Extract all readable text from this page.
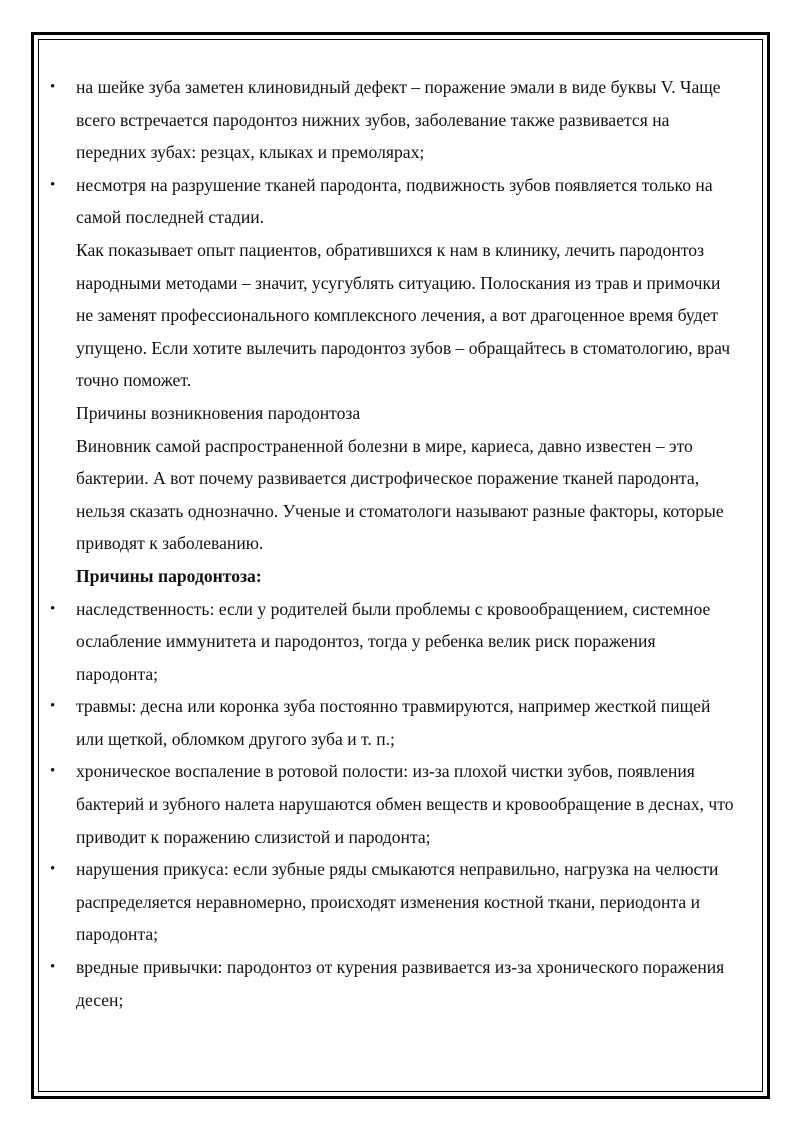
•	на шейке зуба заметен клиновидный дефект – поражение эмали в виде буквы V. Чаще всего встречается пародонтоз нижних зубов, заболевание также развивается на передних зубах: резцах, клыках и премолярах;
•	несмотря на разрушение тканей пародонта, подвижность зубов появляется только на самой последней стадии.
Как показывает опыт пациентов, обратившихся к нам в клинику, лечить пародонтоз народными методами – значит, усугублять ситуацию. Полоскания из трав и примочки не заменят профессионального комплексного лечения, а вот драгоценное время будет упущено. Если хотите вылечить пародонтоз зубов – обращайтесь в стоматологию, врач точно поможет.
Причины возникновения пародонтоза
Виновник самой распространенной болезни в мире, кариеса, давно известен – это бактерии. А вот почему развивается дистрофическое поражение тканей пародонта, нельзя сказать однозначно. Ученые и стоматологи называют разные факторы, которые приводят к заболеванию.
Причины пародонтоза:
•	наследственность: если у родителей были проблемы с кровообращением, системное ослабление иммунитета и пародонтоз, тогда у ребенка велик риск поражения пародонта;
•	травмы: десна или коронка зуба постоянно травмируются, например жесткой пищей или щеткой, обломком другого зуба и т. п.;
•	хроническое воспаление в ротовой полости: из-за плохой чистки зубов, появления бактерий и зубного налета нарушаются обмен веществ и кровообращение в деснах, что приводит к поражению слизистой и пародонта;
•	нарушения прикуса: если зубные ряды смыкаются неправильно, нагрузка на челюсти распределяется неравномерно, происходят изменения костной ткани, периодонта и пародонта;
•	вредные привычки: пародонтоз от курения развивается из-за хронического поражения десен;
